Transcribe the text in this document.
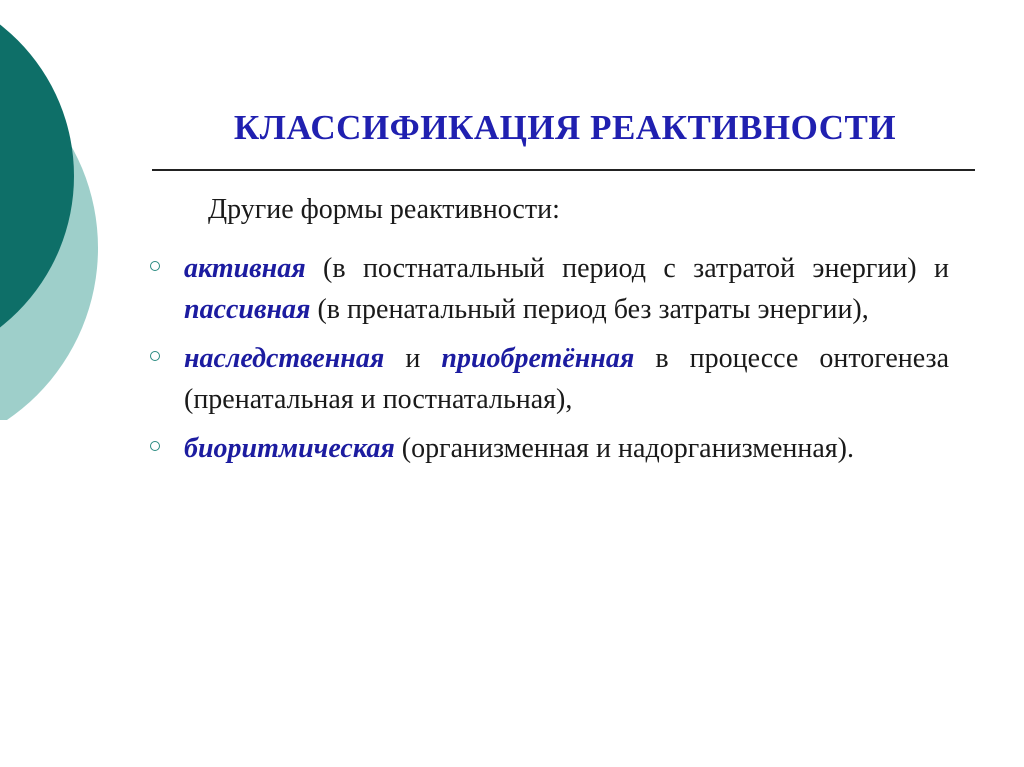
КЛАССИФИКАЦИЯ РЕАКТИВНОСТИ
Другие формы реактивности:
активная (в постнатальный период с затратой энергии) и пассивная (в пренатальный период без затраты энергии),
наследственная и приобретённая в процессе онтогенеза (пренатальная и постнатальная),
биоритмическая (организменная и надорганизменная).
